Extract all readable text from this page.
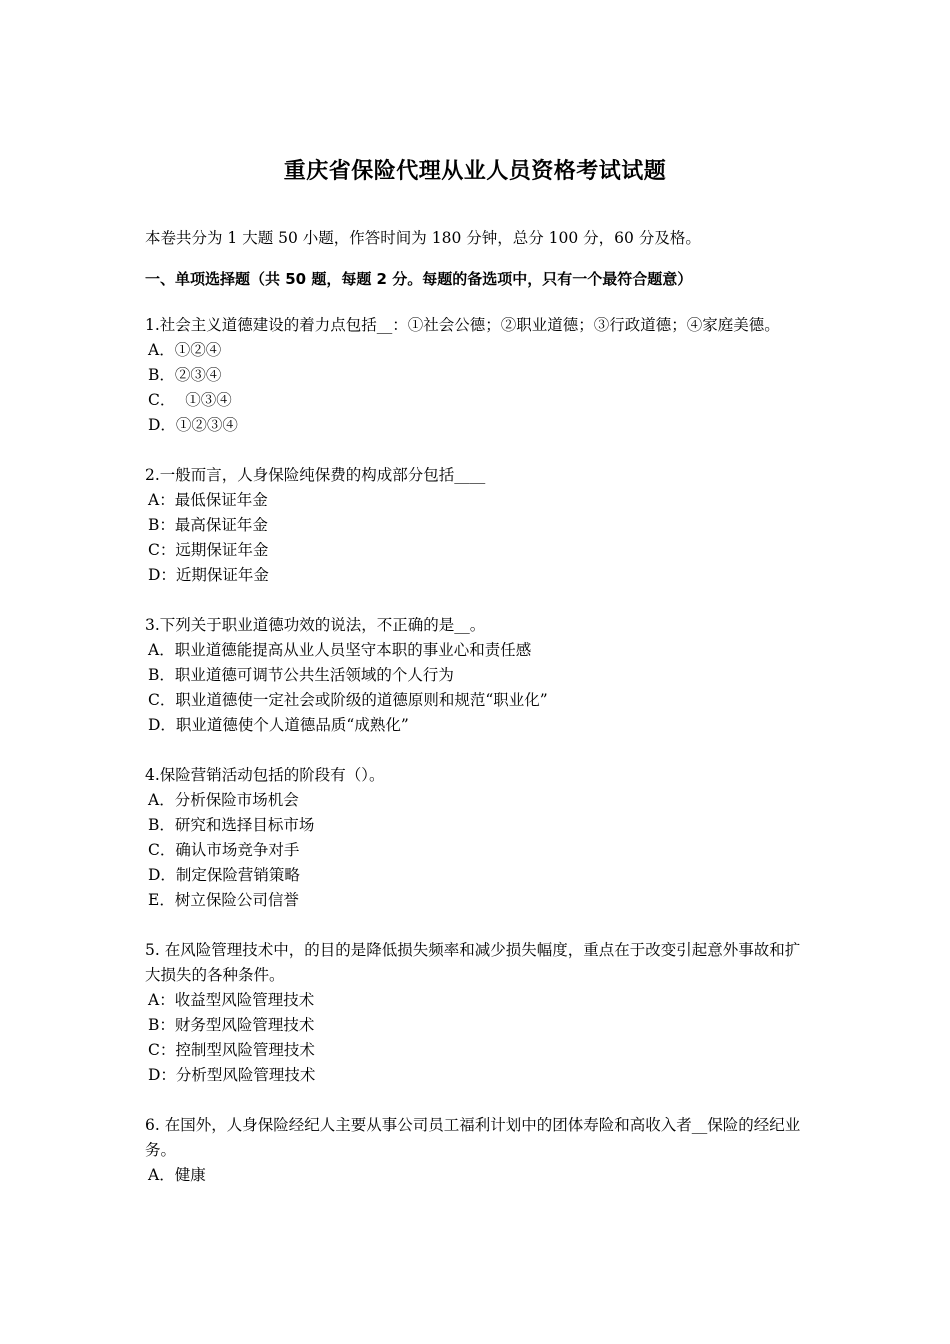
重庆省保险代理从业人员资格考试试题

本卷共分为 1 大题 50 小题，作答时间为 180 分钟，总分 100 分，60 分及格。

一、单项选择题（共 50 题，每题 2 分。每题的备选项中，只有一个最符合题意）

1.社会主义道德建设的着力点包括__：①社会公德；②职业道德；③行政道德；④家庭美德。

A．①②④

B．②③④

C．  ①③④

D．①②③④

2.一般而言，人身保险纯保费的构成部分包括____

A：最低保证年金

B：最高保证年金

C：远期保证年金

D：近期保证年金

3.下列关于职业道德功效的说法，不正确的是__。

A．职业道德能提高从业人员坚守本职的事业心和责任感

B．职业道德可调节公共生活领域的个人行为

C．职业道德使一定社会或阶级的道德原则和规范“职业化”

D．职业道德使个人道德品质“成熟化”

4.保险营销活动包括的阶段有（）。

A．分析保险市场机会

B．研究和选择目标市场

C．确认市场竞争对手

D．制定保险营销策略

E．树立保险公司信誉

5. 在风险管理技术中，的目的是降低损失频率和减少损失幅度，重点在于改变引起意外事故和扩大损失的各种条件。

A：收益型风险管理技术

B：财务型风险管理技术

C：控制型风险管理技术

D：分析型风险管理技术

6. 在国外，人身保险经纪人主要从事公司员工福利计划中的团体寿险和高收入者__保险的经纪业务。

A．健康
